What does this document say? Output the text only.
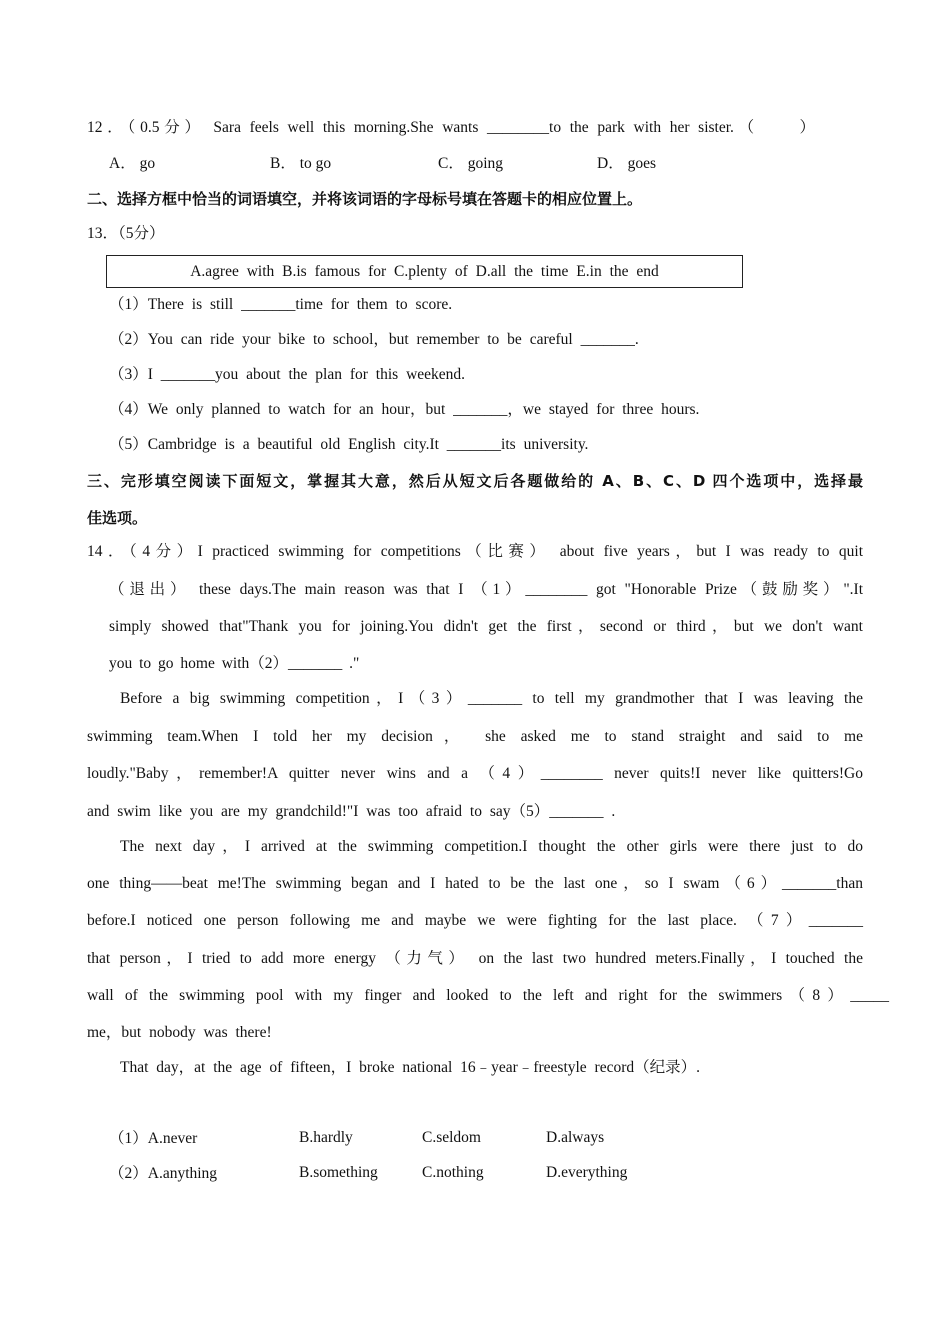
12．（0.5分） Sara feels well this morning.She wants ________to the park with her sister.（　　）
A． go	B． to go	C． going	D． goes
二、选择方框中恰当的词语填空，并将该词语的字母标号填在答题卡的相应位置上。
13．（5分）
A.agree with B.is famous for C.plenty of D.all the time E.in the end
（1）There is still _______time for them to score.
（2）You can ride your bike to school，but remember to be careful _______.
（3）I _______you about the plan for this weekend.
（4）We only planned to watch for an hour，but _______，we stayed for three hours.
（5）Cambridge is a beautiful old English city.It _______its university.
三、完形填空阅读下面短文，掌握其大意，然后从短文后各题做给的 A、B、C、D 四个选项中，选择最
佳选项。
14．（4分）I practiced swimming for competitions（比赛） about five years，but I was ready to quit
（退出） these days.The main reason was that I （1）________ got "Honorable Prize（鼓励奖）".It
simply showed that"Thank you for joining.You didn't get the first，second or third，but we don't want
you to go home with（2）_______ ."
Before a big swimming competition，I（3）_______ to tell my grandmother that I was leaving the
swimming team.When I told her my decision， she asked me to stand straight and said to me
loudly."Baby，remember!A quitter never wins and a （4）________ never quits!I never like quitters!Go
and swim like you are my grandchild!"I was too afraid to say（5）_______ .
The next day，I arrived at the swimming competition.I thought the other girls were there just to do
one thing——beat me!The swimming began and I hated to be the last one，so I swam（6）_______than
before.I noticed one person following me and maybe we were fighting for the last place. （7）_______
that person，I tried to add more energy （力气） on the last two hundred meters.Finally，I touched the
wall of the swimming pool with my finger and looked to the left and right for the swimmers（8）_____
me，but nobody was there!
That day，at the age of fifteen，I broke national 16﹣year﹣freestyle record（纪录）.
（1）A.never	B.hardly	C.seldom	D.always
（2）A.anything	B.something	C.nothing	D.everything
